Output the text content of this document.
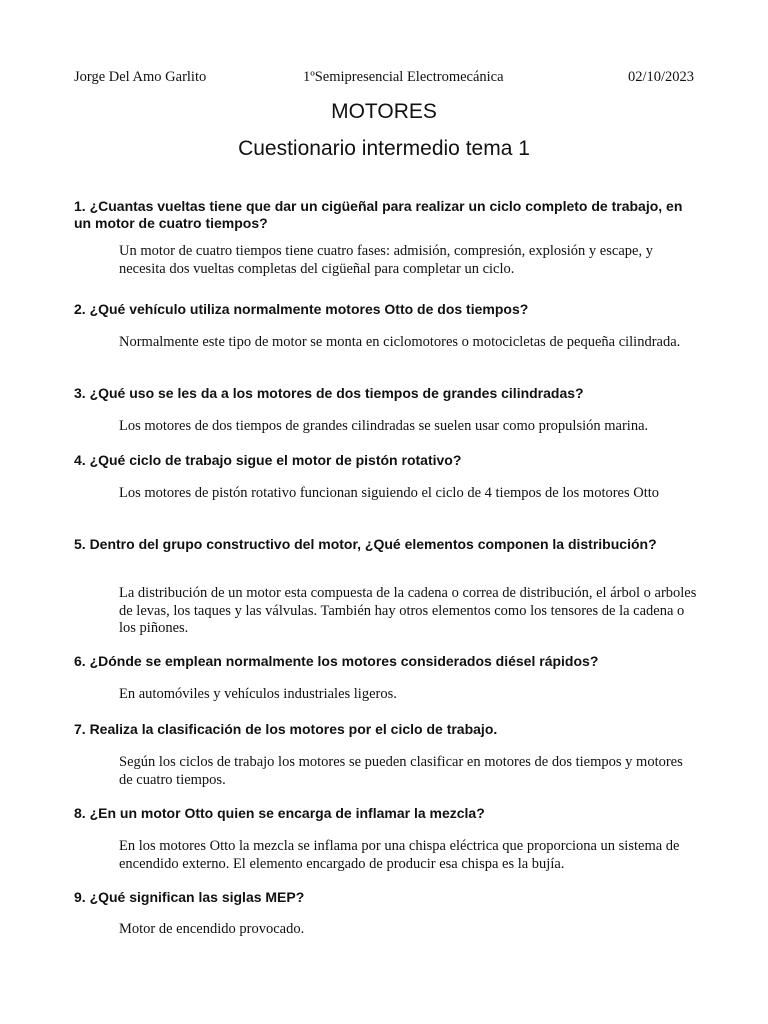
Jorge Del Amo Garlito	1ºSemipresencial Electromecánica	02/10/2023
MOTORES
Cuestionario intermedio tema 1
1. ¿Cuantas vueltas tiene que dar un cigüeñal para realizar un ciclo completo de trabajo, en un motor de cuatro tiempos?
Un motor de cuatro tiempos tiene cuatro fases: admisión, compresión, explosión y escape, y necesita dos vueltas completas del cigüeñal para completar un ciclo.
2. ¿Qué vehículo utiliza normalmente motores Otto de dos tiempos?
Normalmente este tipo de motor se monta en ciclomotores o motocicletas de pequeña cilindrada.
3. ¿Qué uso se les da a los motores de dos tiempos de grandes cilindradas?
Los motores de dos tiempos de grandes cilindradas se suelen usar como propulsión marina.
4. ¿Qué ciclo de trabajo sigue el motor de pistón rotativo?
Los motores de pistón rotativo funcionan siguiendo el ciclo de 4 tiempos de los motores Otto
5. Dentro del grupo constructivo del motor, ¿Qué elementos componen la distribución?
La distribución de un motor esta compuesta de la cadena o correa de distribución, el árbol o arboles de levas, los taques y las válvulas. También hay otros elementos como los tensores de la cadena o los piñones.
6. ¿Dónde se emplean normalmente los motores considerados diésel rápidos?
En automóviles y vehículos industriales ligeros.
7. Realiza la clasificación de los motores por el ciclo de trabajo.
Según los ciclos de trabajo los motores se pueden clasificar en motores de dos tiempos y motores de cuatro tiempos.
8. ¿En un motor Otto quien se encarga de inflamar la mezcla?
En los motores Otto la mezcla se inflama por una chispa eléctrica que proporciona un sistema de encendido externo. El elemento encargado de producir esa chispa es la bujía.
9. ¿Qué significan las siglas MEP?
Motor de encendido provocado.
